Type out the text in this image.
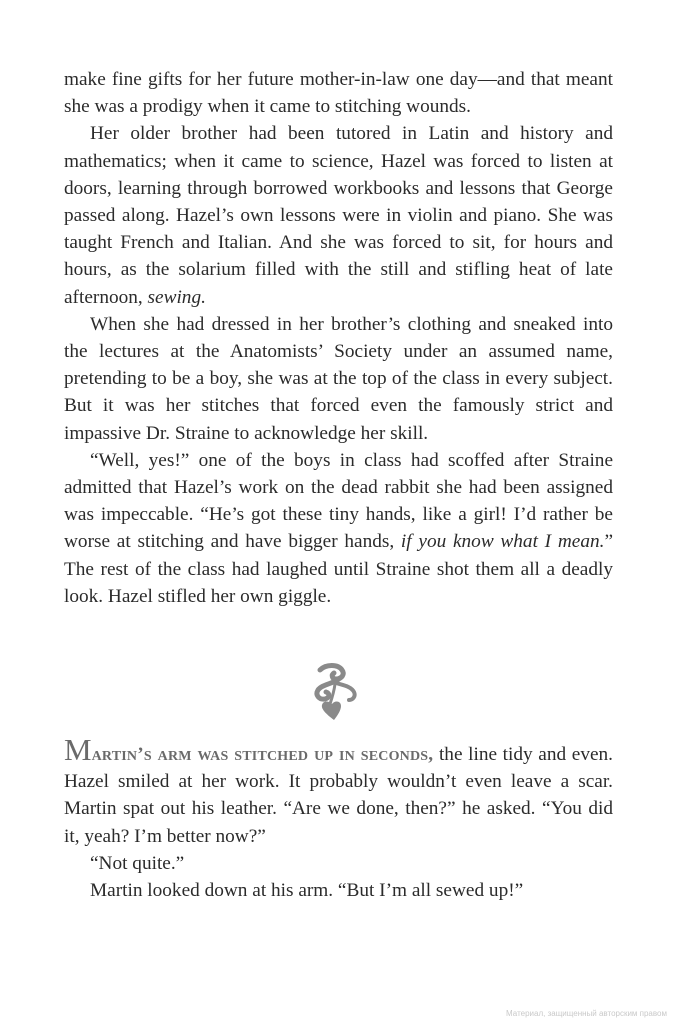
make fine gifts for her future mother-in-law one day—and that meant she was a prodigy when it came to stitching wounds.

Her older brother had been tutored in Latin and history and mathematics; when it came to science, Hazel was forced to listen at doors, learning through borrowed workbooks and lessons that George passed along. Hazel’s own lessons were in violin and piano. She was taught French and Italian. And she was forced to sit, for hours and hours, as the solarium filled with the still and stifling heat of late afternoon, sewing.

When she had dressed in her brother’s clothing and sneaked into the lectures at the Anatomists’ Society under an assumed name, pretending to be a boy, she was at the top of the class in every subject. But it was her stitches that forced even the famously strict and impassive Dr. Straine to acknowledge her skill.

“Well, yes!” one of the boys in class had scoffed after Straine admitted that Hazel’s work on the dead rabbit she had been assigned was impeccable. “He’s got these tiny hands, like a girl! I’d rather be worse at stitching and have bigger hands, if you know what I mean.” The rest of the class had laughed until Straine shot them all a deadly look. Hazel stifled her own giggle.

Martin’s arm was stitched up in seconds, the line tidy and even. Hazel smiled at her work. It probably wouldn’t even leave a scar. Martin spat out his leather. “Are we done, then?” he asked. “You did it, yeah? I’m better now?”

“Not quite.”

Martin looked down at his arm. “But I’m all sewed up!”

Материал, защищенный авторским правом
